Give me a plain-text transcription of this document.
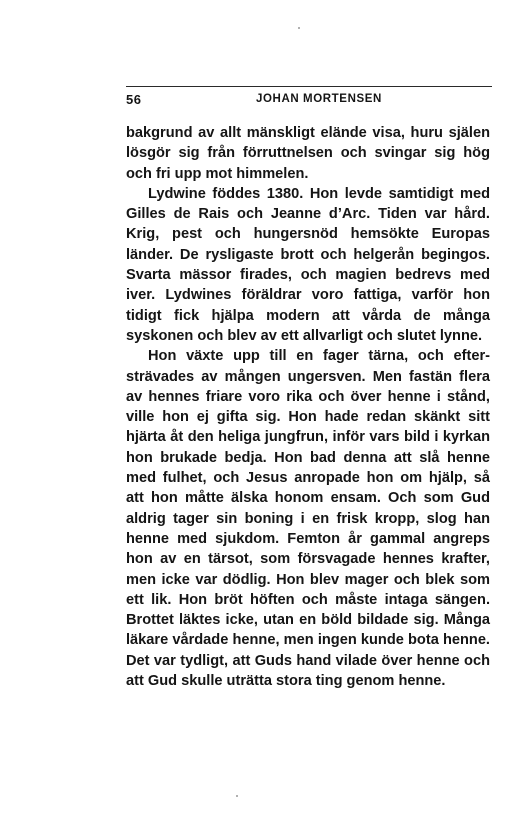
56	JOHAN MORTENSEN

bakgrund av allt mänskligt elände visa, huru själen lösgör sig från förruttnelsen och svingar sig hög och fri upp mot himmelen.

Lydwine föddes 1380. Hon levde samtidigt med Gilles de Rais och Jeanne d’Arc. Tiden var hård. Krig, pest och hungersnöd hemsökte Europas länder. De rysligaste brott och helgerån begingos. Svarta mässor firades, och magien bedrevs med iver. Lydwines föräldrar voro fattiga, varför hon tidigt fick hjälpa modern att vårda de många syskonen och blev av ett allvarligt och slutet lynne.

Hon växte upp till en fager tärna, och eftersträvades av mången ungersven. Men fastän flera av hennes friare voro rika och över henne i stånd, ville hon ej gifta sig. Hon hade redan skänkt sitt hjärta åt den heliga jungfrun, inför vars bild i kyrkan hon brukade bedja. Hon bad denna att slå henne med fulhet, och Jesus anropade hon om hjälp, så att hon måtte älska honom ensam. Och som Gud aldrig tager sin boning i en frisk kropp, slog han henne med sjukdom. Femton år gammal angreps hon av en tärsot, som försvagade hennes krafter, men icke var dödlig. Hon blev mager och blek som ett lik. Hon bröt höften och måste intaga sängen. Brottet läktes icke, utan en böld bildade sig. Många läkare vårdade henne, men ingen kunde bota henne. Det var tydligt, att Guds hand vilade över henne och att Gud skulle uträtta stora ting genom henne.
